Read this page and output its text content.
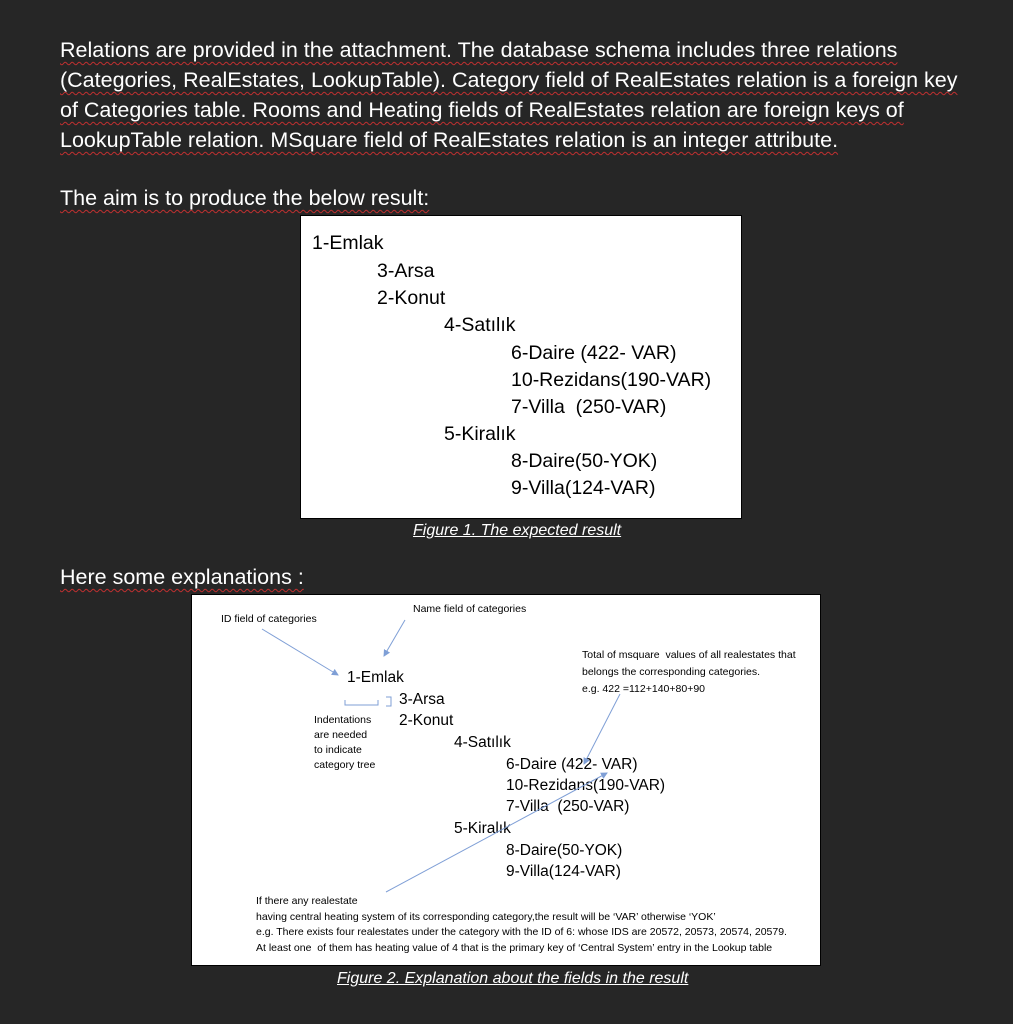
Relations are provided in the attachment. The database schema includes three relations
(Categories, RealEstates, LookupTable). Category field of RealEstates relation is a foreign key
of Categories table. Rooms and Heating fields of RealEstates relation are foreign keys of
LookupTable relation. MSquare field of RealEstates relation is an integer attribute.
The aim is to produce the below result:
1-Emlak
3-Arsa
2-Konut
4-Satılık
6-Daire (422- VAR)
10-Rezidans(190-VAR)
7-Villa  (250-VAR)
5-Kiralık
8-Daire(50-YOK)
9-Villa(124-VAR)
Figure 1. The expected result
Here some explanations :
ID field of categories
Name field of categories
Total of msquare  values of all realestates that
belongs the corresponding categories.
e.g. 422 =112+140+80+90
Indentations
are needed
to indicate
category tree
1-Emlak
3-Arsa
2-Konut
4-Satılık
6-Daire (422- VAR)
10-Rezidans(190-VAR)
7-Villa  (250-VAR)
5-Kiralık
8-Daire(50-YOK)
9-Villa(124-VAR)
If there any realestate
having central heating system of its corresponding category,the result will be ‘VAR’ otherwise ‘YOK’
e.g. There exists four realestates under the category with the ID of 6: whose IDS are 20572, 20573, 20574, 20579.
At least one  of them has heating value of 4 that is the primary key of ‘Central System’ entry in the Lookup table
Figure 2. Explanation about the fields in the result
